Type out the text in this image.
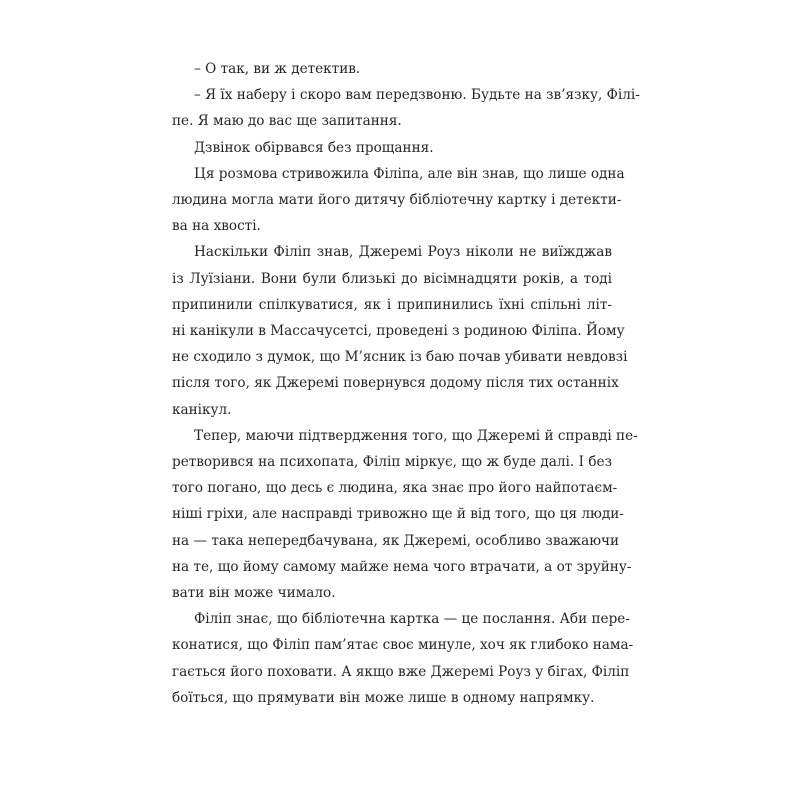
– О так, ви ж детектив.
– Я їх наберу і скоро вам передзвоню. Будьте на зв’язку, Філі-
пе. Я маю до вас ще запитання.
Дзвінок обірвався без прощання.
Ця розмова стривожила Філіпа, але він знав, що лише одна
людина могла мати його дитячу бібліотечну картку і детекти-
ва на хвості.
Наскільки Філіп знав, Джеремі Роуз ніколи не виїжджав
із Луїзіани. Вони були близькі до вісімнадцяти років, а тоді
припинили спілкуватися, як і припинились їхні спільні літ-
ні канікули в Массачусетсі, проведені з родиною Філіпа. Йому
не сходило з думок, що М’ясник із баю почав убивати невдовзі
після того, як Джеремі повернувся додому після тих останніх
канікул.
Тепер, маючи підтвердження того, що Джеремі й справді пе-
ретворився на психопата, Філіп міркує, що ж буде далі. І без
того погано, що десь є людина, яка знає про його найпотаєм-
ніші гріхи, але насправді тривожно ще й від того, що ця люди-
на — така непередбачувана, як Джеремі, особливо зважаючи
на те, що йому самому майже нема чого втрачати, а от зруйну-
вати він може чимало.
Філіп знає, що бібліотечна картка — це послання. Аби пере-
конатися, що Філіп пам’ятає своє минуле, хоч як глибоко нама-
гається його поховати. А якщо вже Джеремі Роуз у бігах, Філіп
боїться, що прямувати він може лише в одному напрямку.
